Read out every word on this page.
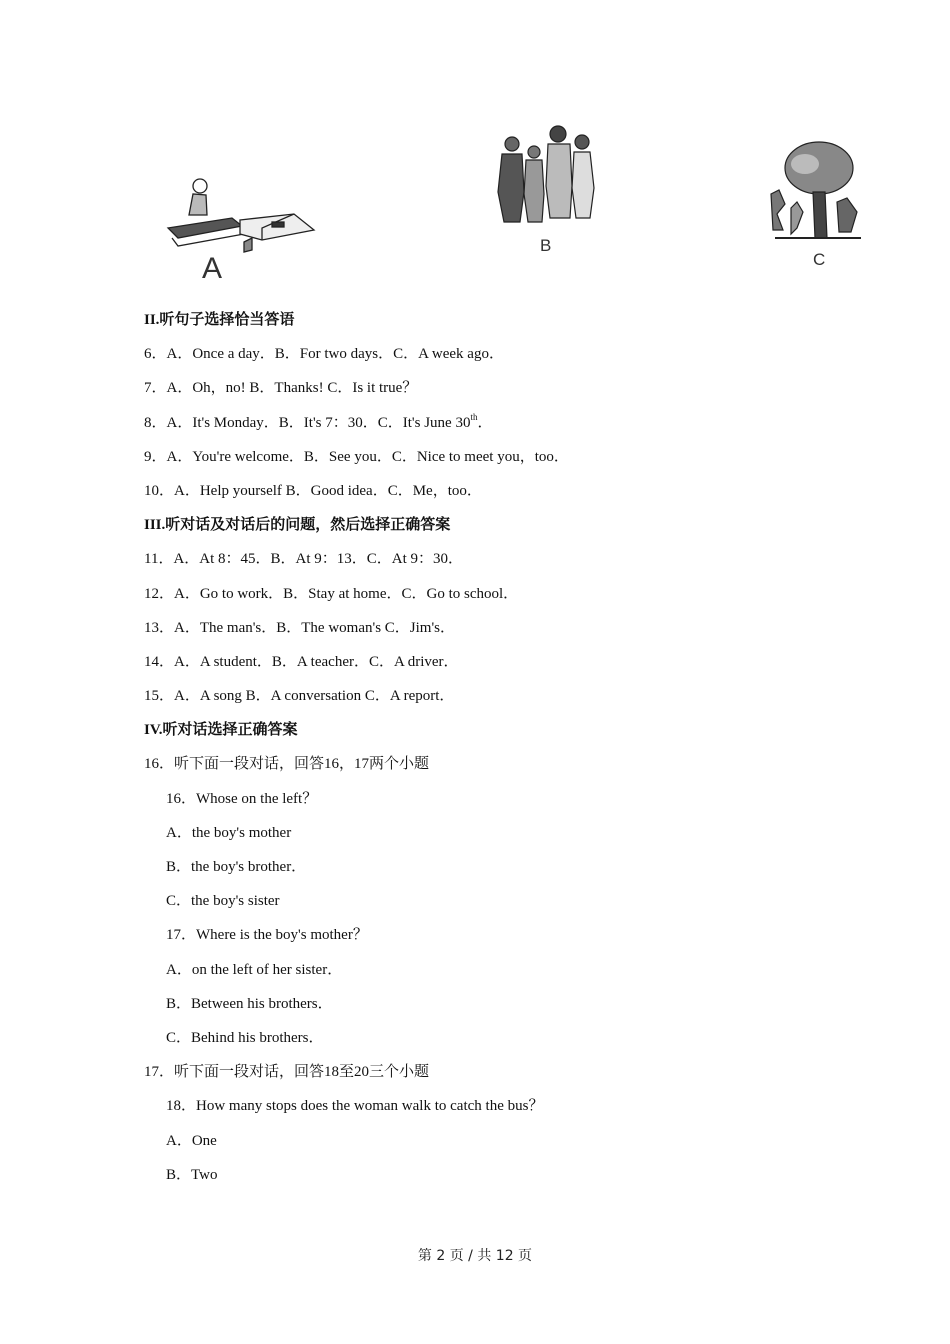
A
B
C
II.听句子选择恰当答语
6．A．Once a day．B．For two days．C．A week ago．
7．A．Oh，no! B．Thanks! C．Is it true？
8．A．It's Monday．B．It's 7：30．C．It's June 30th．
9．A．You're welcome．B．See you．C．Nice to meet you，too．
10．A．Help yourself B．Good idea．C．Me，too．
III.听对话及对话后的问题，然后选择正确答案
11．A．At 8：45．B．At 9：13．C．At 9：30．
12．A．Go to work．B．Stay at home．C．Go to school．
13．A．The man's．B．The woman's C．Jim's．
14．A．A student．B．A teacher．C．A driver．
15．A．A song B．A conversation C．A report．
IV.听对话选择正确答案
16．听下面一段对话，回答16，17两个小题
16．Whose on the left？
A．the boy's mother
B．the boy's brother．
C．the boy's sister
17．Where is the boy's mother？
A．on the left of her sister．
B．Between his brothers．
C．Behind his brothers．
17．听下面一段对话，回答18至20三个小题
18．How many stops does the woman walk to catch the bus？
A．One
B．Two
第 2 页 / 共 12 页
